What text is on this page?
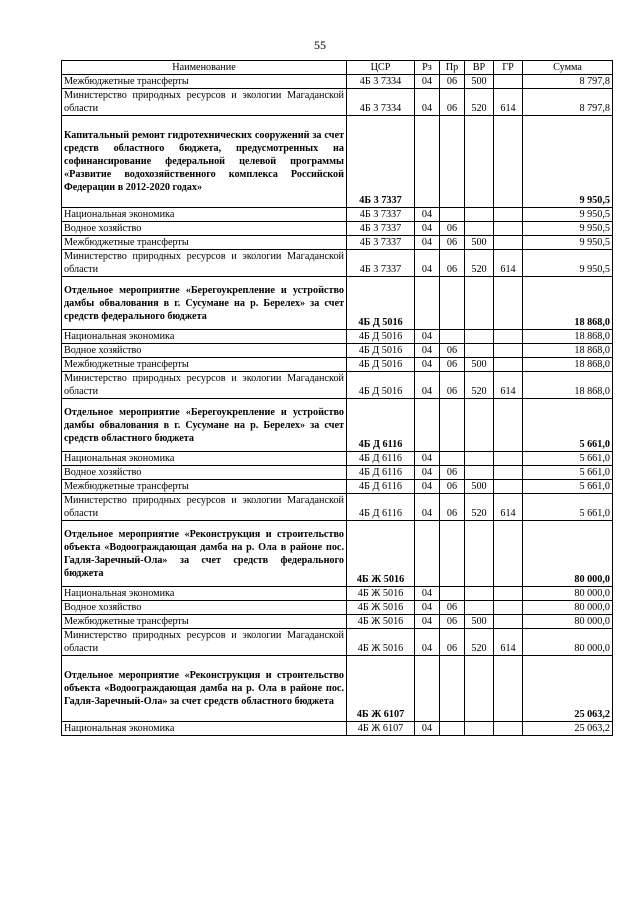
55
Наименование	ЦСР	Рз	Пр	ВР	ГР	Сумма
Межбюджетные трансферты	4Б 3 7334	04	06	500		8 797,8
Министерство природных ресурсов и экологии Магаданской области	4Б 3 7334	04	06	520	614	8 797,8
Капитальный ремонт гидротехнических сооружений за счет средств областного бюджета, предусмотренных на софинансирование федеральной целевой программы «Развитие водохозяйственного комплекса Российской Федерации в 2012-2020 годах»	4Б 3 7337					9 950,5
Национальная экономика	4Б 3 7337	04				9 950,5
Водное хозяйство	4Б 3 7337	04	06			9 950,5
Межбюджетные трансферты	4Б 3 7337	04	06	500		9 950,5
Министерство природных ресурсов и экологии Магаданской области	4Б 3 7337	04	06	520	614	9 950,5
Отдельное мероприятие «Берегоукрепление и устройство дамбы обвалования в г. Сусумане на р. Берелех» за счет средств федерального бюджета	4Б Д 5016					18 868,0
Национальная экономика	4Б Д 5016	04				18 868,0
Водное хозяйство	4Б Д 5016	04	06			18 868,0
Межбюджетные трансферты	4Б Д 5016	04	06	500		18 868,0
Министерство природных ресурсов и экологии Магаданской области	4Б Д 5016	04	06	520	614	18 868,0
Отдельное мероприятие «Берегоукрепление и устройство дамбы обвалования в г. Сусумане на р. Берелех» за счет средств областного бюджета	4Б Д 6116					5 661,0
Национальная экономика	4Б Д 6116	04				5 661,0
Водное хозяйство	4Б Д 6116	04	06			5 661,0
Межбюджетные трансферты	4Б Д 6116	04	06	500		5 661,0
Министерство природных ресурсов и экологии Магаданской области	4Б Д 6116	04	06	520	614	5 661,0
Отдельное мероприятие «Реконструкция и строительство объекта «Водоограждающая дамба на р. Ола в районе пос. Гадля-Заречный-Ола» за счет средств федерального бюджета	4Б Ж 5016					80 000,0
Национальная экономика	4Б Ж 5016	04				80 000,0
Водное хозяйство	4Б Ж 5016	04	06			80 000,0
Межбюджетные трансферты	4Б Ж 5016	04	06	500		80 000,0
Министерство природных ресурсов и экологии Магаданской области	4Б Ж 5016	04	06	520	614	80 000,0
Отдельное мероприятие «Реконструкция и строительство объекта «Водоограждающая дамба на р. Ола в районе пос. Гадля-Заречный-Ола» за счет средств областного бюджета	4Б Ж 6107					25 063,2
Национальная экономика	4Б Ж 6107	04				25 063,2
